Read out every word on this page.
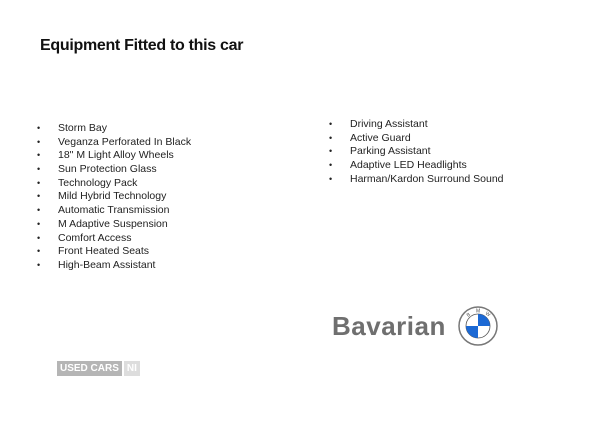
Equipment Fitted to this car
• Storm Bay
• Veganza Perforated In Black
• 18" M Light Alloy Wheels
• Sun Protection Glass
• Technology Pack
• Mild Hybrid Technology
• Automatic Transmission
• M Adaptive Suspension
• Comfort Access
• Front Heated Seats
• High-Beam Assistant
• Driving Assistant
• Active Guard
• Parking Assistant
• Adaptive LED Headlights
• Harman/Kardon Surround Sound
Bavarian	B
M W
USED CARS NI
